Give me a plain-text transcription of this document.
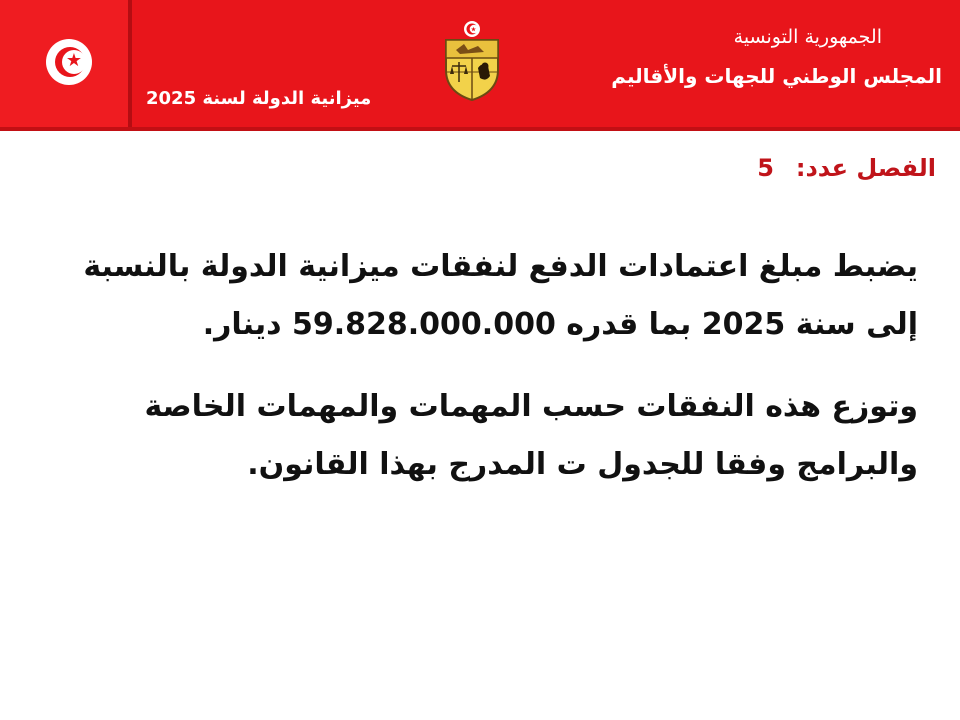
★
الجمهورية التونسية
المجلس الوطني للجهات والأقاليم
ميزانية الدولة لسنة 2025
الفصل عدد:5
يضبط مبلغ اعتمادات الدفع لنفقات ميزانية الدولة بالنسبة إلى سنة 2025 بما قدره 59.828.000.000 دينار.
وتوزع هذه النفقات حسب المهمات والمهمات الخاصة والبرامج وفقا للجدول ت المدرج بهذا القانون.
